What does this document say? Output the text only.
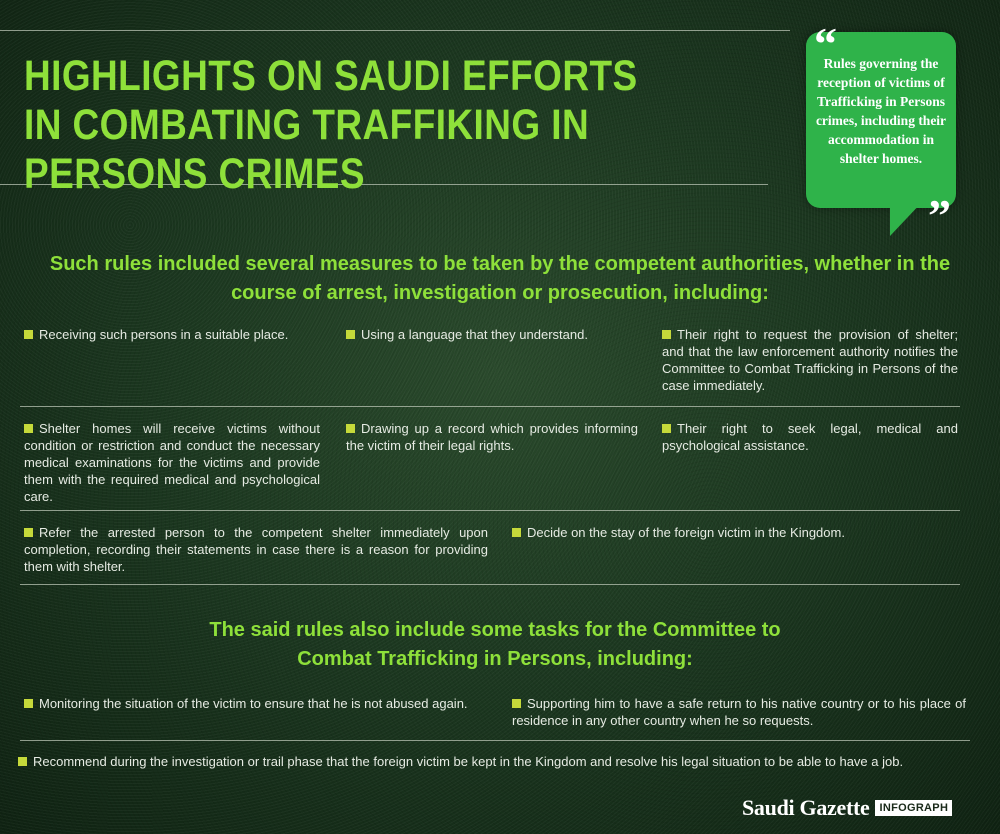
HIGHLIGHTS ON SAUDI EFFORTS IN COMBATING TRAFFIKING IN PERSONS CRIMES
“
Rules governing the reception of victims of Trafficking in Persons crimes, including their accommodation in shelter homes.
”
Such rules included several measures to be taken by the competent authorities, whether in the course of arrest, investigation or prosecution, including:
Receiving such persons in a suitable place.	Using a language that they understand.	Their right to request the provision of shelter; and that the law enforcement authority notifies the Committee to Combat Trafficking in Persons of the case immediately.
Shelter homes will receive victims without condition or restriction and conduct the necessary medical examinations for the victims and provide them with the required medical and psychological care.
Drawing up a record which provides informing the victim of their legal rights.
Their right to seek legal, medical and psychological assistance.
Refer the arrested person to the competent shelter immediately upon completion, recording their statements in case there is a reason for providing them with shelter.
Decide on the stay of the foreign victim in the Kingdom.
The said rules also include some tasks for the Committee to Combat Trafficking in Persons, including:
Monitoring the situation of the victim to ensure that he is not abused again.	Supporting him to have a safe return to his native country or to his place of residence in any other country when he so requests.
Recommend during the investigation or trail phase that the foreign victim be kept in the Kingdom and resolve his legal situation to be able to have a job.
Saudi Gazette INFOGRAPH
